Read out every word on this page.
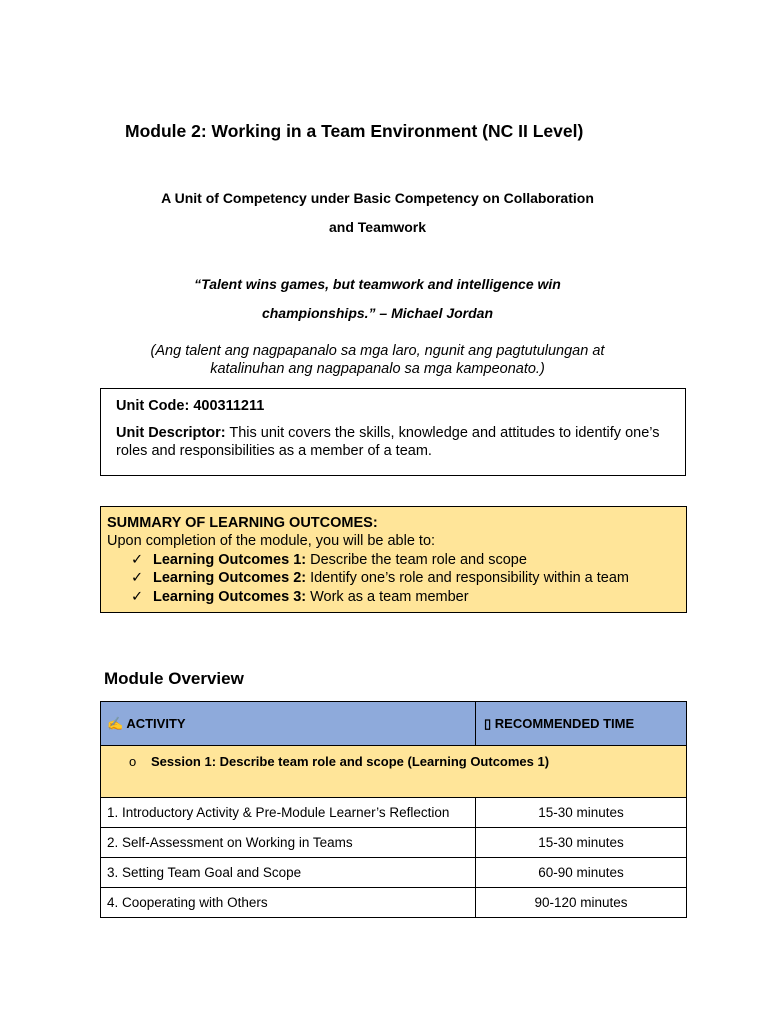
Module 2: Working in a Team Environment (NC II Level)
A Unit of Competency under Basic Competency on Collaboration
and Teamwork
“Talent wins games, but teamwork and intelligence win
championships.” – Michael Jordan
(Ang talent ang nagpapanalo sa mga laro, ngunit ang pagtutulungan at
katalinuhan ang nagpapanalo sa mga kampeonato.)
Unit Code: 400311211
Unit Descriptor: This unit covers the skills, knowledge and attitudes to identify one’s roles and responsibilities as a member of a team.
SUMMARY OF LEARNING OUTCOMES:
Upon completion of the module, you will be able to:
✓ Learning Outcomes 1: Describe the team role and scope
✓ Learning Outcomes 2: Identify one’s role and responsibility within a team
✓ Learning Outcomes 3: Work as a team member
Module Overview
✍ ACTIVITY	▯ RECOMMENDED TIME
o Session 1: Describe team role and scope (Learning Outcomes 1)	
1. Introductory Activity & Pre-Module Learner’s Reflection	15-30 minutes
2. Self-Assessment on Working in Teams	15-30 minutes
3. Setting Team Goal and Scope	60-90 minutes
4. Cooperating with Others	90-120 minutes
